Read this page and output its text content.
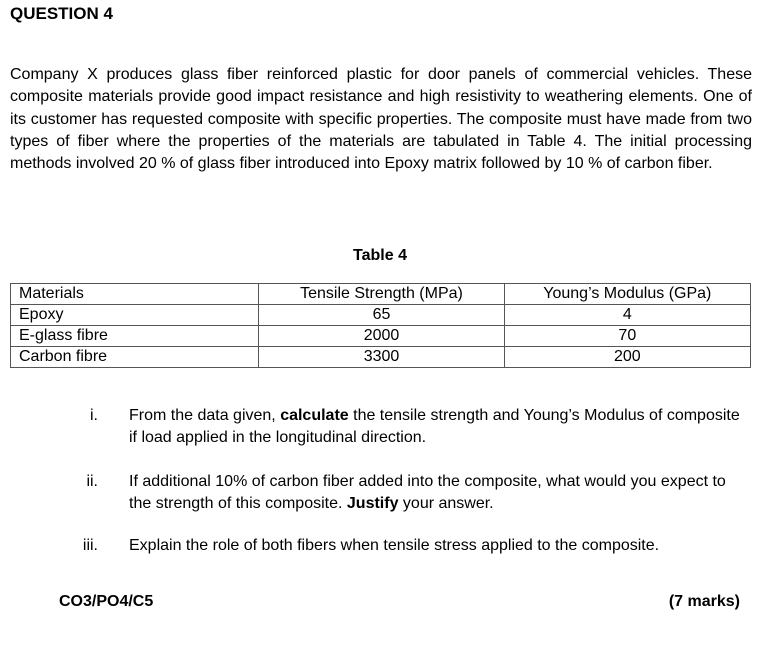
QUESTION 4
Company X produces glass fiber reinforced plastic for door panels of commercial vehicles. These composite materials provide good impact resistance and high resistivity to weathering elements. One of its customer has requested composite with specific properties. The composite must have made from two types of fiber where the properties of the materials are tabulated in Table 4. The initial processing methods involved 20 % of glass fiber introduced into Epoxy matrix followed by 10 % of carbon fiber.
Table 4
Materials	Tensile Strength (MPa)	Young’s Modulus (GPa)
Epoxy	65	4
E-glass fibre	2000	70
Carbon fibre	3300	200
i. From the data given, calculate the tensile strength and Young’s Modulus of composite if load applied in the longitudinal direction.
ii. If additional 10% of carbon fiber added into the composite, what would you expect to the strength of this composite. Justify your answer.
iii. Explain the role of both fibers when tensile stress applied to the composite.
CO3/PO4/C5	(7 marks)
